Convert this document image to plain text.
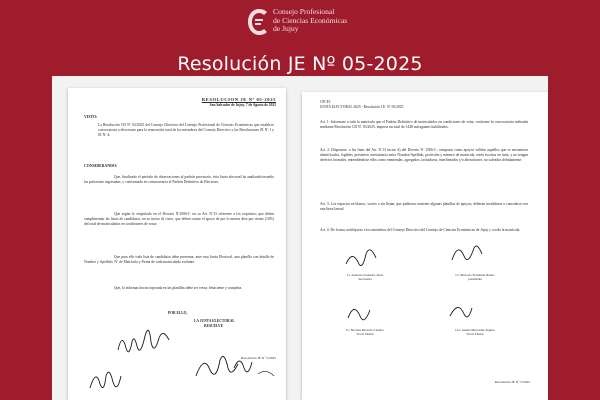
Consejo Profesional
de Ciencias Económicas
de Jujuy
Resolución JE Nº 05-2025
RESOLUCION JE Nº 05-2025
San Salvador de Jujuy, 7 de Agosto de 2025
VISTO:
La Resolución CD Nº 03/2025 del Consejo Directivo del Consejo Profesional de Ciencias Económicas que establece convocatoria a elecciones para la renovación total de los miembros del Consejo Directivo y las Resoluciones JE Nº 1 y JE Nº 4;
CONSIDERANDO:
Que, finalizado el período de observaciones al padrón provisorio, ésta Junta electoral ha analizado/resuelto las peticiones ingresadas, y conformado en consecuencia el Padrón Definitivo de Electores.
Que según lo estipulado en el Decreto Nº2506-C en su Art. Nº13 referente a los requisitos que deben cumplimentar las listas de candidatos, en su inciso d) cinco, que deben contar el apoyo de por lo menos diez por ciento (10%) del total de matriculados en condiciones de votar;
Que para ello toda lista de candidatos debe presentar, ante esta Junta Electoral, una planilla con detalle de Nombre y Apellido, Nº de Matrícula y Firma de cada matriculado avalante.
Que, la información incorporada en las planillas debe ser veraz, fehaciente y completa.
POR ELLO,
LA JUNTA ELECTORAL
RESUELVE
Resolución JE Nº 5/2025
CPCEJ
JUNTA ELECTORAL 2025 - Resolución J.E. Nº 05/2025
Art. 1: Informase a toda la matrícula que el Padrón Definitivo de matriculados en condiciones de votar, conforme la convocatoria realizada mediante Resolución CD Nº 03/2025, importa un total de 1448 sufragantes habilitados.
Art. 2: Disponese, a los fines del Art. Nº13 inciso d) del Decreto Nº 2506-C, computar como apoyos válidos aquellos que se encuentren identificados, legibles, presenten consistencia entre Nombre/Apellido, profesión y número de matrícula, estén escritos en tinta, y no tengan defectos formales, entendiéndose ellos como enmiendas, agregados, tachaduras, interlineados y/o alteraciones, no salvados debidamente.
Art. 3: Los espacios en blanco, vacíos o sin llenar, que pudieran contener algunas planillas de apoyos, deberán invalidarse o cancelarse con una línea lateral.
Art. 4: De forma, notifíquese a los miembros del Consejo Directivo del Consejo de Ciencias Económicas de Jujuy y a toda la matrícula.
Cr. Antonio Lisandro Jerez
Secretario
Cr. Marcelo Fernando Rabes
presidente
Cr. Nicolás Ricardo Caneiro
Vocal Titular
Cra. Analía Mercedes Segura
Vocal Titular
Resolución JE Nº 5/2025
